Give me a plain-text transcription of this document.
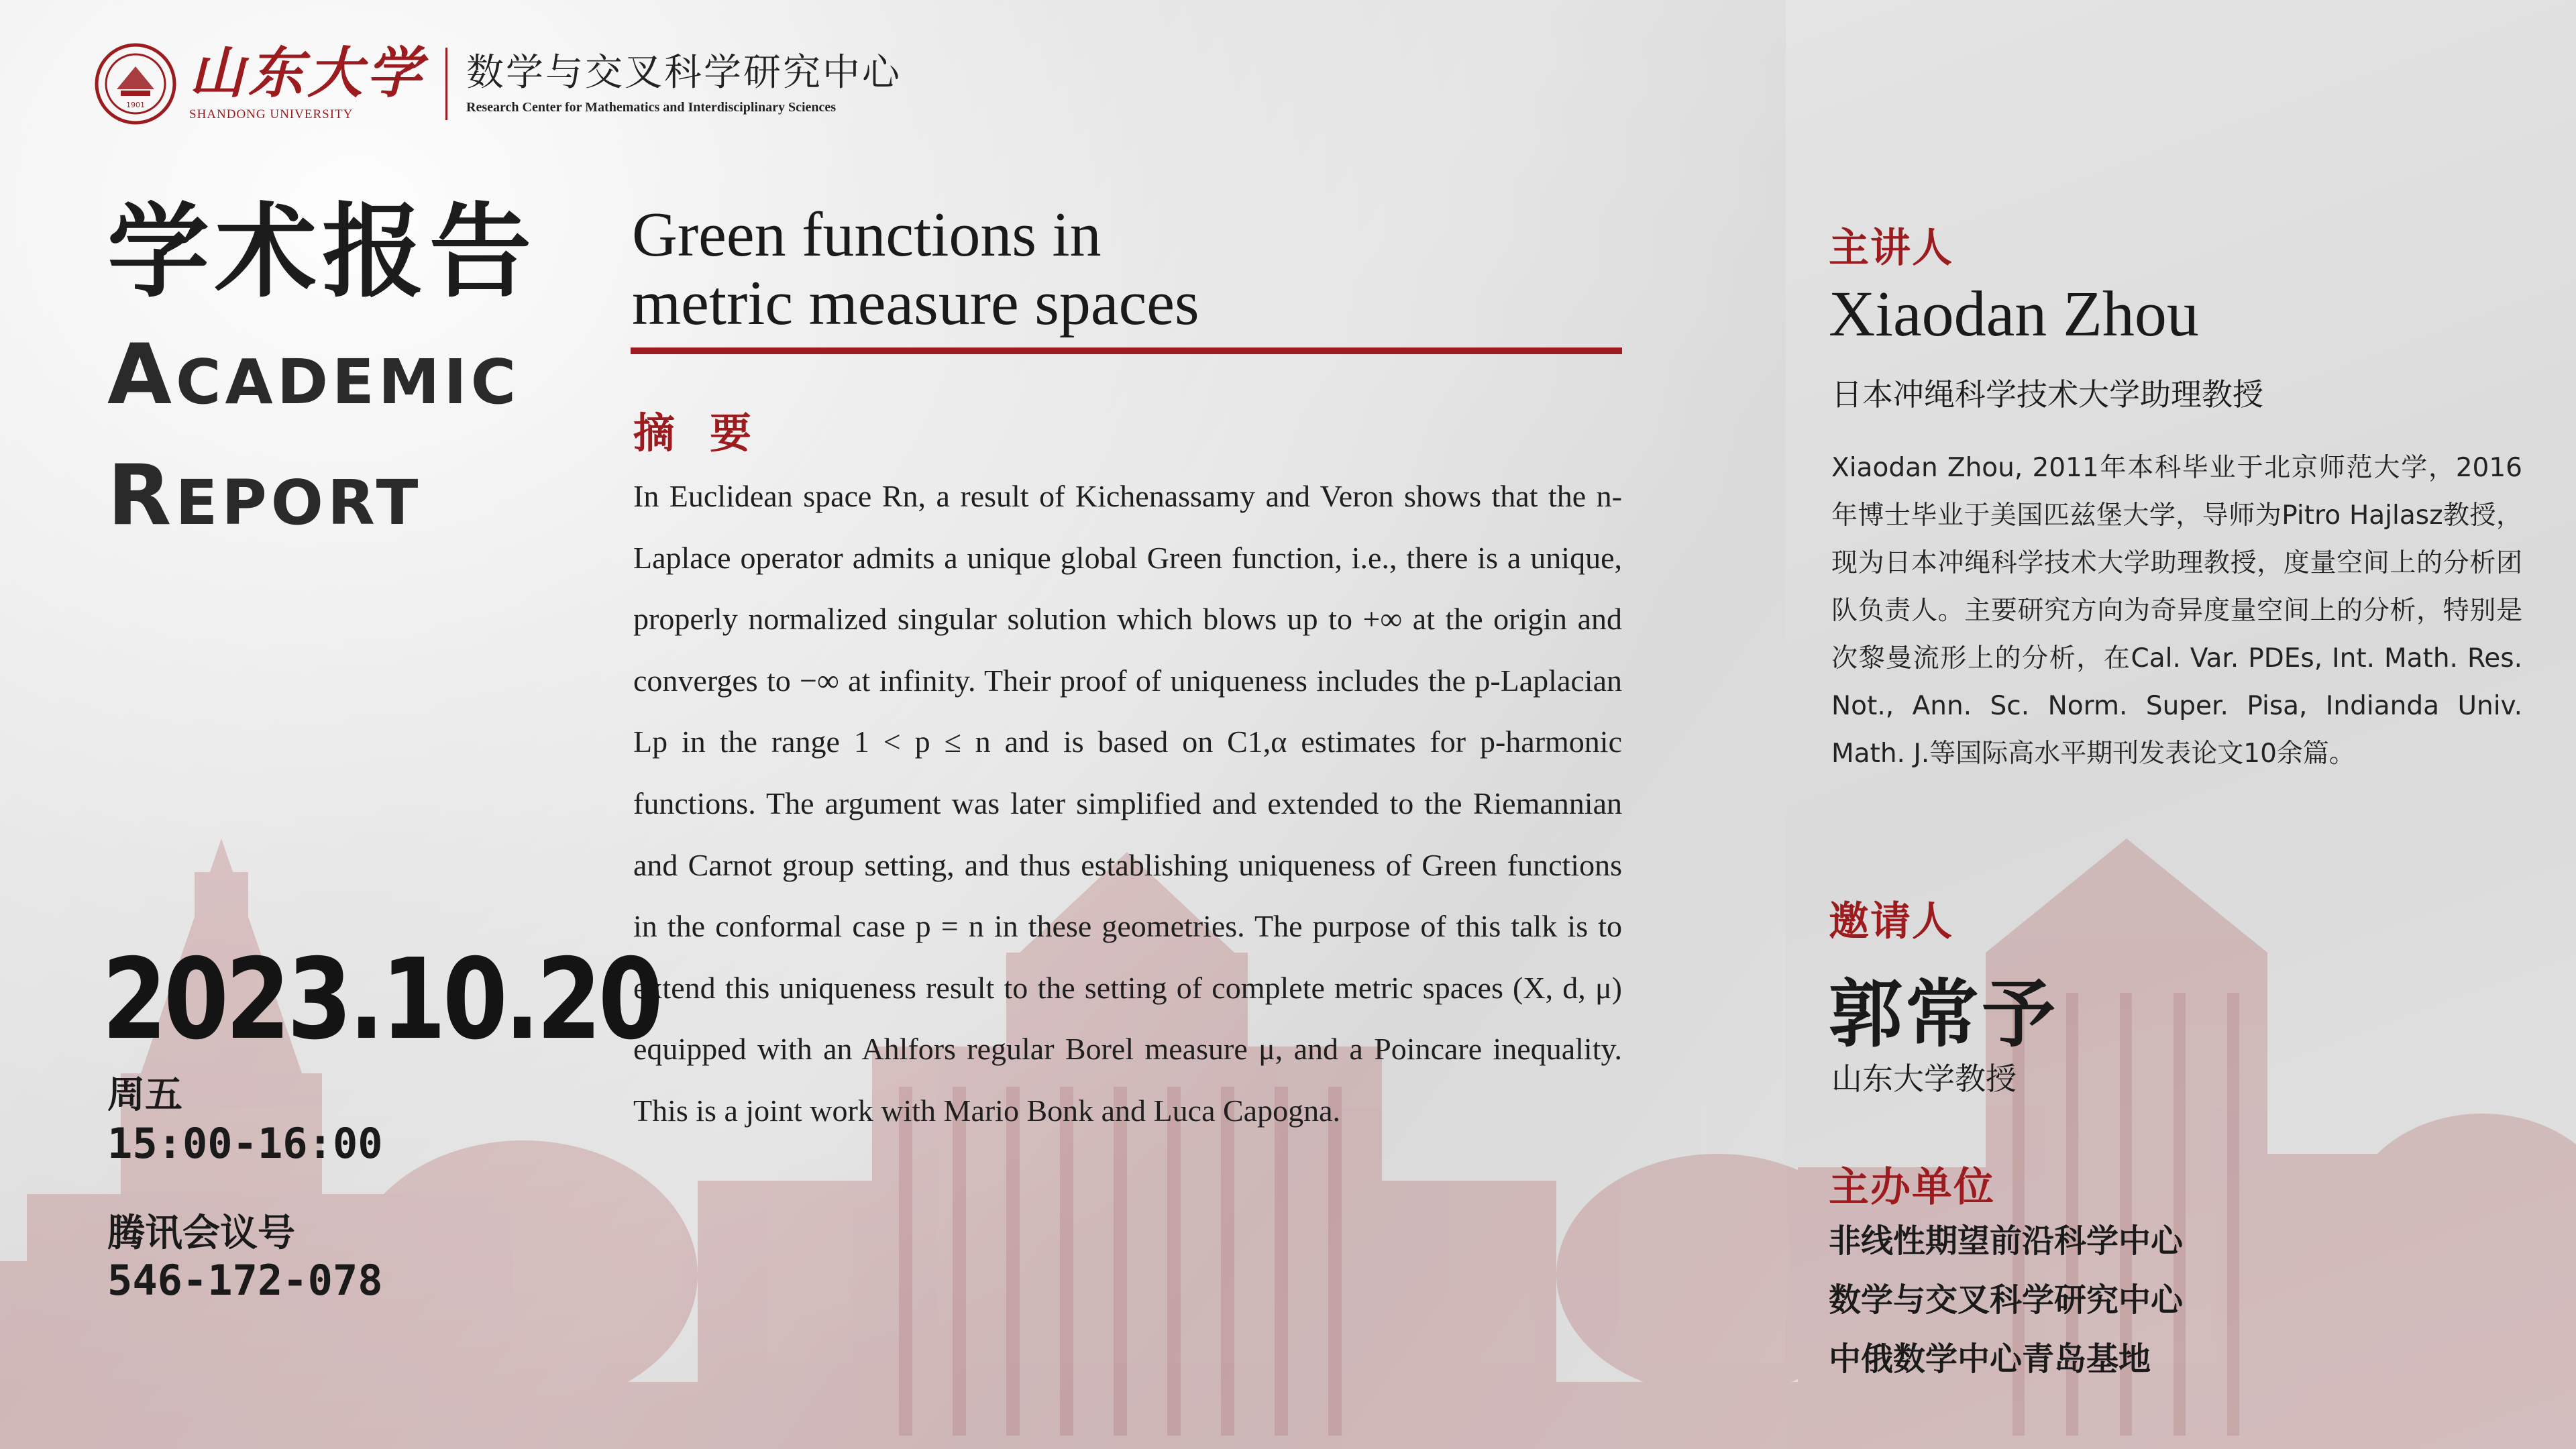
1901 山东大学
SHANDONG UNIVERSITY
数学与交叉科学研究中心
Research Center for Mathematics and Interdisciplinary Sciences
学术报告
ACADEMIC
REPORT
Green functions in
metric measure spaces
摘要
In Euclidean space Rn, a result of Kichenassamy and Veron shows that the n-Laplace operator admits a unique global Green function, i.e., there is a unique, properly normalized singular solution which blows up to +∞ at the origin and converges to −∞ at infinity. Their proof of uniqueness includes the p-Laplacian Lp in the range 1 < p ≤ n and is based on C1,α estimates for p-harmonic functions. The argument was later simplified and extended to the Riemannian and Carnot group setting, and thus establishing uniqueness of Green functions in the conformal case p = n in these geometries. The purpose of this talk is to extend this uniqueness result to the setting of complete metric spaces (X, d, μ) equipped with an Ahlfors regular Borel measure μ, and a Poincare inequality. This is a joint work with Mario Bonk and Luca Capogna.
2023.10.20
周五
15:00-16:00
腾讯会议号
546-172-078
主讲人
Xiaodan Zhou
日本冲绳科学技术大学助理教授
Xiaodan Zhou, 2011年本科毕业于北京师范大学，2016年博士毕业于美国匹兹堡大学，导师为Pitro Hajlasz教授，现为日本冲绳科学技术大学助理教授，度量空间上的分析团队负责人。主要研究方向为奇异度量空间上的分析，特别是次黎曼流形上的分析，在Cal. Var. PDEs, Int. Math. Res. Not., Ann. Sc. Norm. Super. Pisa, Indianda Univ. Math. J.等国际高水平期刊发表论文10余篇。
邀请人
郭常予
山东大学教授
主办单位
非线性期望前沿科学中心
数学与交叉科学研究中心
中俄数学中心青岛基地
